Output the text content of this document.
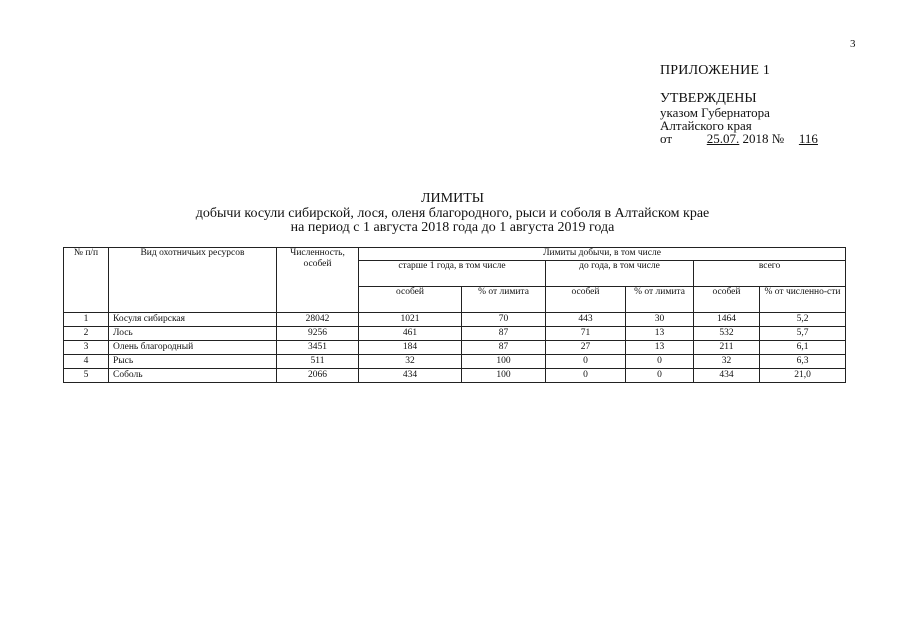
3
ПРИЛОЖЕНИЕ 1
УТВЕРЖДЕНЫ
указом Губернатора
Алтайского края
от	25.07. 2018 № 116
ЛИМИТЫ
добычи косули сибирской, лося, оленя благородного, рыси и соболя в Алтайском крае
на период с 1 августа 2018 года до 1 августа 2019 года
№ п/п	Вид охотничьих ресурсов	Численность, особей	Лимиты добычи, в том числе					
			старше 1 года, в том числе		до года, в том числе		всего	
			особей	% от лимита	особей	% от лимита	особей	% от численно-сти
1	Косуля сибирская	28042	1021	70	443	30	1464	5,2
2	Лось	9256	461	87	71	13	532	5,7
3	Олень благородный	3451	184	87	27	13	211	6,1
4	Рысь	511	32	100	0	0	32	6,3
5	Соболь	2066	434	100	0	0	434	21,0
